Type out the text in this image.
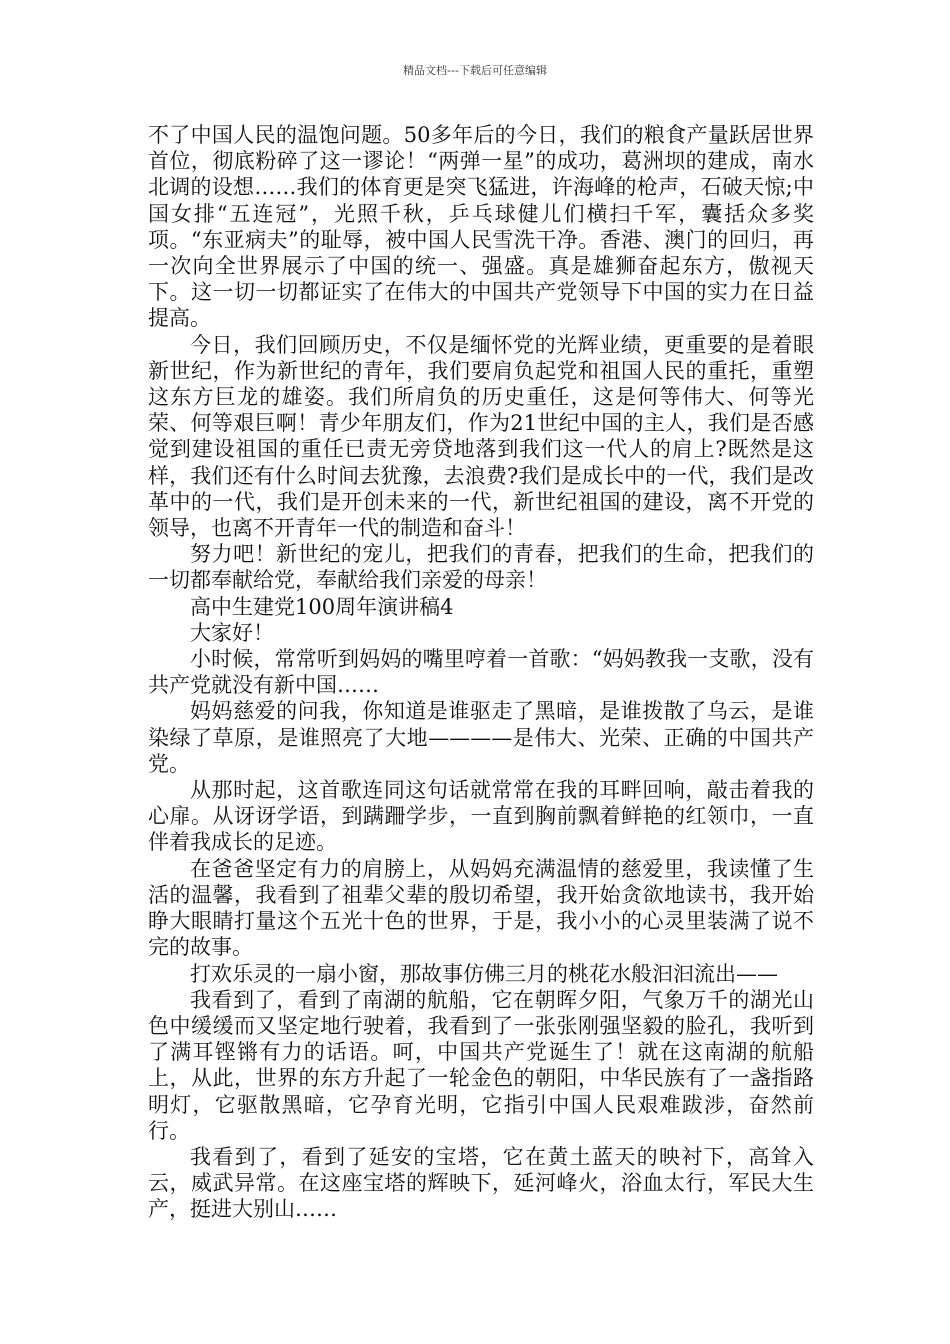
精品文档---下载后可任意编辑

不了中国人民的温饱问题。50多年后的今日，我们的粮食产量跃居世界首位，彻底粉碎了这一谬论！“两弹一星”的成功，葛洲坝的建成，南水北调的设想……我们的体育更是突飞猛进，许海峰的枪声，石破天惊;中国女排“五连冠”，光照千秋，乒乓球健儿们横扫千军，囊括众多奖项。“东亚病夫”的耻辱，被中国人民雪洗干净。香港、澳门的回归，再一次向全世界展示了中国的统一、强盛。真是雄狮奋起东方，傲视天下。这一切一切都证实了在伟大的中国共产党领导下中国的实力在日益提高。

今日，我们回顾历史，不仅是缅怀党的光辉业绩，更重要的是着眼新世纪，作为新世纪的青年，我们要肩负起党和祖国人民的重托，重塑这东方巨龙的雄姿。我们所肩负的历史重任，这是何等伟大、何等光荣、何等艰巨啊！青少年朋友们，作为21世纪中国的主人，我们是否感觉到建设祖国的重任已责无旁贷地落到我们这一代人的肩上?既然是这样，我们还有什么时间去犹豫，去浪费?我们是成长中的一代，我们是改革中的一代，我们是开创未来的一代，新世纪祖国的建设，离不开党的领导，也离不开青年一代的制造和奋斗！

努力吧！新世纪的宠儿，把我们的青春，把我们的生命，把我们的一切都奉献给党，奉献给我们亲爱的母亲！

高中生建党100周年演讲稿4

大家好！

小时候，常常听到妈妈的嘴里哼着一首歌：“妈妈教我一支歌，没有共产党就没有新中国……

妈妈慈爱的问我，你知道是谁驱走了黑暗，是谁拨散了乌云，是谁染绿了草原，是谁照亮了大地————是伟大、光荣、正确的中国共产党。

从那时起，这首歌连同这句话就常常在我的耳畔回响，敲击着我的心扉。从讶讶学语，到蹒跚学步，一直到胸前飘着鲜艳的红领巾，一直伴着我成长的足迹。

在爸爸坚定有力的肩膀上，从妈妈充满温情的慈爱里，我读懂了生活的温馨，我看到了祖辈父辈的殷切希望，我开始贪欲地读书，我开始睁大眼睛打量这个五光十色的世界，于是，我小小的心灵里装满了说不完的故事。

打欢乐灵的一扇小窗，那故事仿佛三月的桃花水般汩汩流出——

我看到了，看到了南湖的航船，它在朝晖夕阳，气象万千的湖光山色中缓缓而又坚定地行驶着，我看到了一张张刚强坚毅的脸孔，我听到了满耳铿锵有力的话语。呵，中国共产党诞生了！就在这南湖的航船上，从此，世界的东方升起了一轮金色的朝阳，中华民族有了一盏指路明灯，它驱散黑暗，它孕育光明，它指引中国人民艰难跋涉，奋然前行。

我看到了，看到了延安的宝塔，它在黄土蓝天的映衬下，高耸入云，威武异常。在这座宝塔的辉映下，延河峰火，浴血太行，军民大生产，挺进大别山……
